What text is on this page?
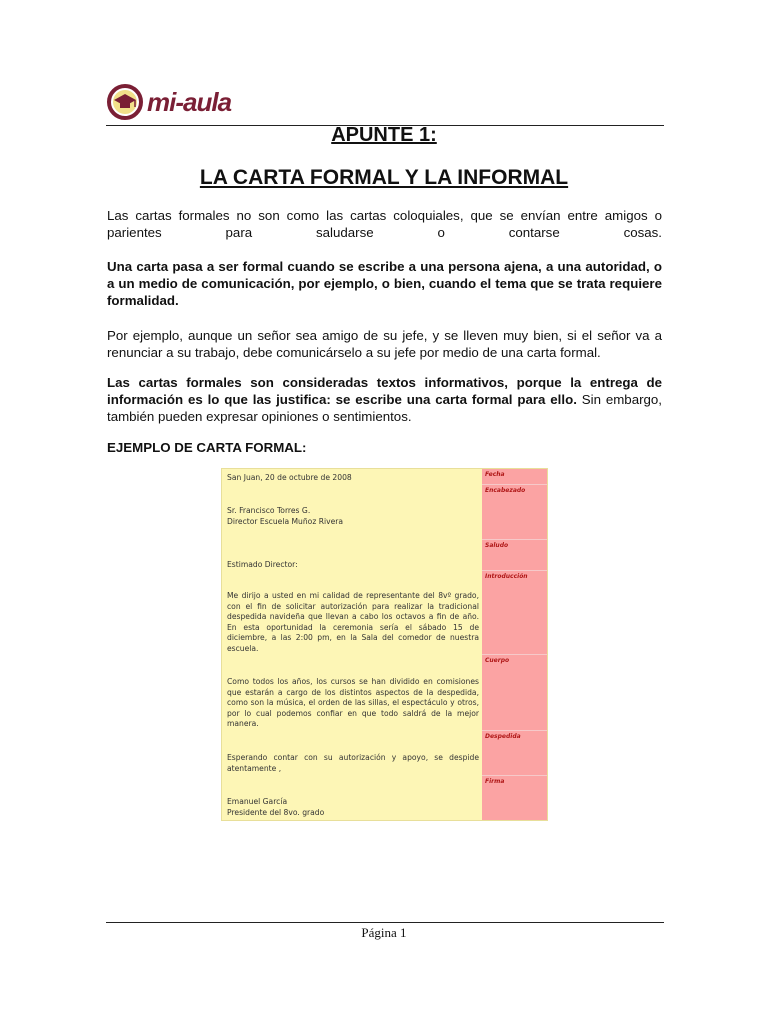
mi-aula
APUNTE 1:
LA CARTA FORMAL Y LA INFORMAL

Las cartas formales no son como las cartas coloquiales, que se envían entre amigos o parientes para saludarse o contarse cosas.

Una carta pasa a ser formal cuando se escribe a una persona ajena, a una autoridad, o a un medio de comunicación, por ejemplo, o bien, cuando el tema que se trata requiere formalidad.

Por ejemplo, aunque un señor sea amigo de su jefe, y se lleven muy bien, si el señor va a renunciar a su trabajo, debe comunicárselo a su jefe por medio de una carta formal.

Las cartas formales son consideradas textos informativos, porque la entrega de información es lo que las justifica: se escribe una carta formal para ello. Sin embargo, también pueden expresar opiniones o sentimientos.

EJEMPLO DE CARTA FORMAL:

San Juan, 20 de octubre de 2008

Sr. Francisco Torres G.

Director Escuela Muñoz Rivera

Estimado Director:

Me dirijo a usted en mi calidad de representante del 8vº grado, con el fin de solicitar autorización para realizar la tradicional despedida navideña que llevan a cabo los octavos a fin de año. En esta oportunidad la ceremonia sería el sábado 15 de diciembre, a las 2:00 pm, en la Sala del comedor de nuestra escuela.

Como todos los años, los cursos se han dividido en comisiones que estarán a cargo de los distintos aspectos de la despedida, como son la música, el orden de las sillas, el espectáculo y otros, por lo cual podemos confiar en que todo saldrá de la mejor manera.

Esperando contar con su autorización y apoyo, se despide atentamente ,

Emanuel García

Presidente del 8vo. grado

Fecha
Encabezado
Saludo
Introducción
Cuerpo
Despedida
Firma
Página 1
